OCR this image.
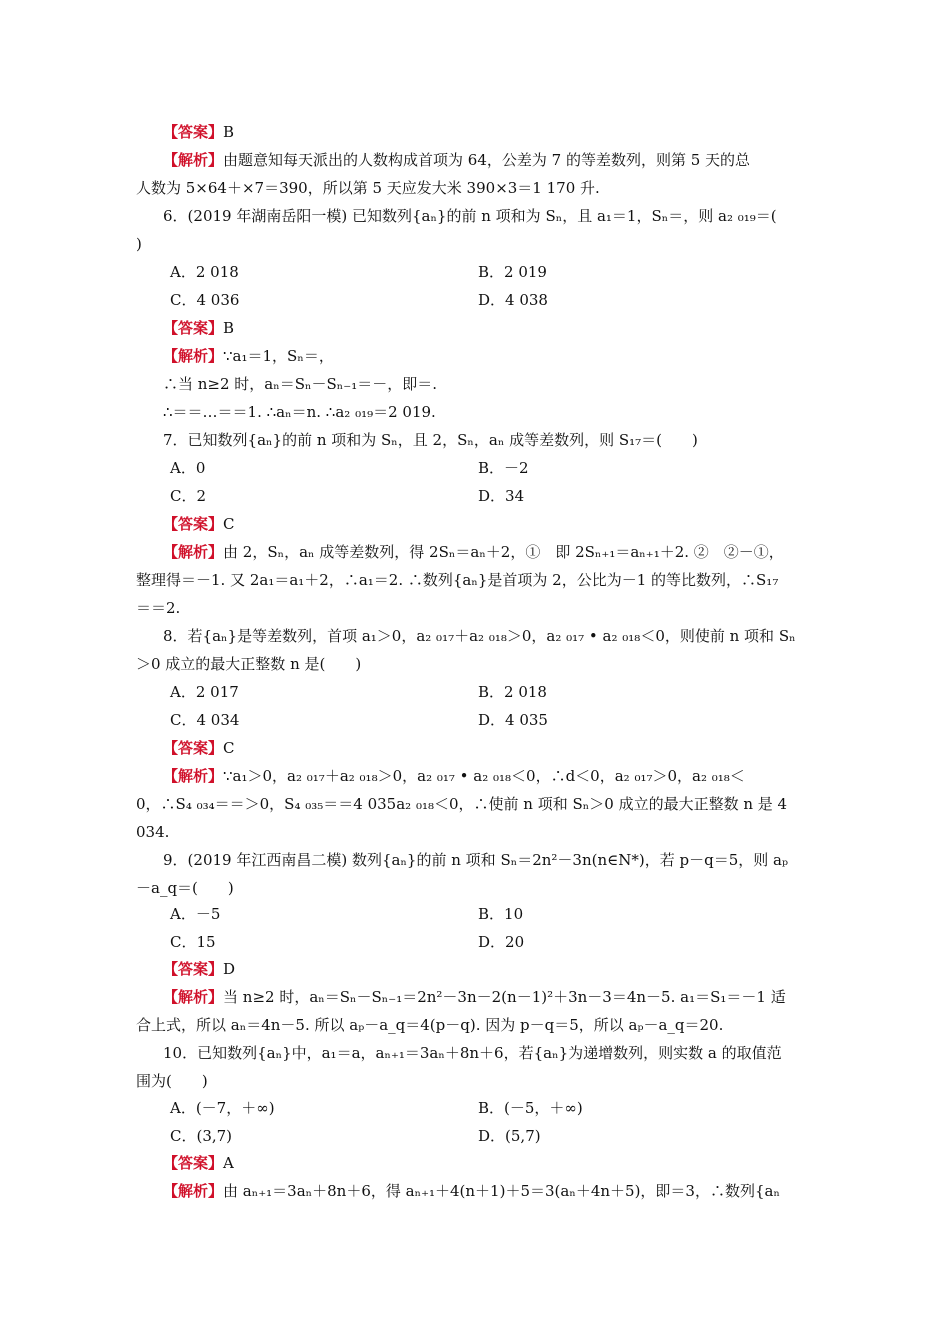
【答案】B
【解析】由题意知每天派出的人数构成首项为 64，公差为 7 的等差数列，则第 5 天的总
人数为 5×64＋×7＝390，所以第 5 天应发大米 390×3＝1 170 升.
6．(2019 年湖南岳阳一模) 已知数列{aₙ}的前 n 项和为 Sₙ，且 a₁＝1，Sₙ＝，则 a₂ ₀₁₉＝(
)
A．2 018	B．2 019
C．4 036	D．4 038
【答案】B
【解析】∵a₁＝1，Sₙ＝，
∴当 n≥2 时，aₙ＝Sₙ－Sₙ₋₁＝－，即＝.
∴＝＝…＝＝1. ∴aₙ＝n. ∴a₂ ₀₁₉＝2 019.
7．已知数列{aₙ}的前 n 项和为 Sₙ，且 2，Sₙ，aₙ 成等差数列，则 S₁₇＝(　　)
A．0	B．－2
C．2	D．34
【答案】C
【解析】由 2，Sₙ，aₙ 成等差数列，得 2Sₙ＝aₙ＋2，①　即 2Sₙ₊₁＝aₙ₊₁＋2. ②　②－①，
整理得＝－1. 又 2a₁＝a₁＋2，∴a₁＝2. ∴数列{aₙ}是首项为 2，公比为－1 的等比数列，∴S₁₇
＝＝2.
8．若{aₙ}是等差数列，首项 a₁＞0，a₂ ₀₁₇＋a₂ ₀₁₈＞0，a₂ ₀₁₇ • a₂ ₀₁₈＜0，则使前 n 项和 Sₙ
＞0 成立的最大正整数 n 是(　　)
A．2 017	B．2 018
C．4 034	D．4 035
【答案】C
【解析】∵a₁＞0，a₂ ₀₁₇＋a₂ ₀₁₈＞0，a₂ ₀₁₇ • a₂ ₀₁₈＜0，∴d＜0，a₂ ₀₁₇＞0，a₂ ₀₁₈＜
0，∴S₄ ₀₃₄＝＝＞0，S₄ ₀₃₅＝＝4 035a₂ ₀₁₈＜0，∴使前 n 项和 Sₙ＞0 成立的最大正整数 n 是 4
034.
9．(2019 年江西南昌二模) 数列{aₙ}的前 n 项和 Sₙ＝2n²－3n(n∈N*)，若 p－q＝5，则 aₚ
－a_q＝(　　)
A．－5	B．10
C．15	D．20
【答案】D
【解析】当 n≥2 时，aₙ＝Sₙ－Sₙ₋₁＝2n²－3n－2(n－1)²＋3n－3＝4n－5. a₁＝S₁＝－1 适
合上式，所以 aₙ＝4n－5. 所以 aₚ－a_q＝4(p－q). 因为 p－q＝5，所以 aₚ－a_q＝20.
10．已知数列{aₙ}中，a₁＝a，aₙ₊₁＝3aₙ＋8n＋6，若{aₙ}为递增数列，则实数 a 的取值范
围为(　　)
A．(－7，＋∞)	B．(－5，＋∞)
C．(3,7)	D．(5,7)
【答案】A
【解析】由 aₙ₊₁＝3aₙ＋8n＋6，得 aₙ₊₁＋4(n＋1)＋5＝3(aₙ＋4n＋5)，即＝3，∴数列{aₙ
